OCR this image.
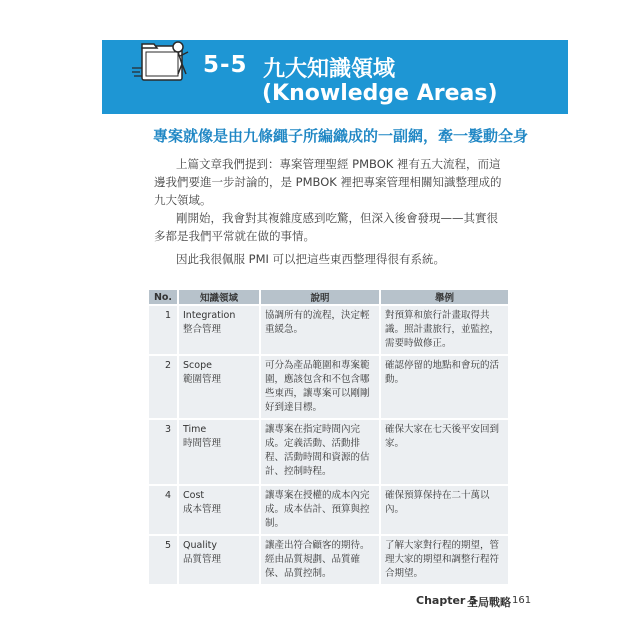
5-5 九大知識領域
(Knowledge Areas)
專案就像是由九條繩子所編織成的一副網，牽一髮動全身

上篇文章我們提到：專案管理聖經 PMBOK 裡有五大流程，而這邊我們要進一步討論的，是 PMBOK 裡把專案管理相關知識整理成的九大領域。

剛開始，我會對其複雜度感到吃驚，但深入後會發現——其實很多都是我們平常就在做的事情。

因此我很佩服 PMI 可以把這些東西整理得很有系統。

No.	知識領域	說明	舉例
1	Integration
整合管理	協調所有的流程，決定輕重緩急。	對預算和旅行計畫取得共識。照計畫旅行，並監控，需要時做修正。
2	Scope
範圍管理	可分為產品範圍和專案範圍，應該包含和不包含哪些東西，讓專案可以剛剛好到達目標。	確認停留的地點和會玩的活動。
3	Time
時間管理	讓專案在指定時間內完成。定義活動、活動排程、活動時間和資源的估計、控制時程。	確保大家在七天後平安回到家。
4	Cost
成本管理	讓專案在授權的成本內完成。成本估計、預算與控制。	確保預算保持在二十萬以內。
5	Quality
品質管理	讓產出符合顧客的期待。經由品質規劃、品質確保、品質控制。	了解大家對行程的期望，管理大家的期望和調整行程符合期望。
Chapter 5
全局戰略 161
